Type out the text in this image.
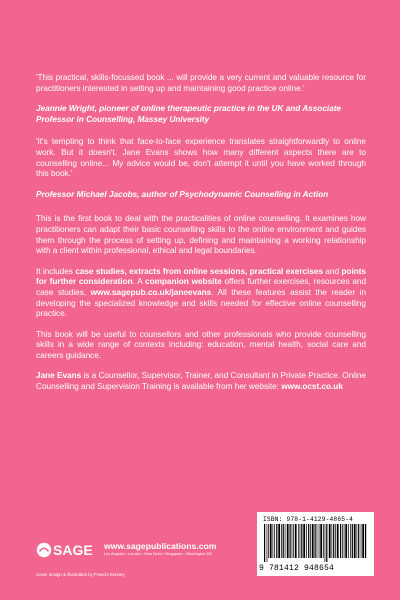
'This practical, skills-focussed book ... will provide a very current and valuable resource for practitioners interested in setting up and maintaining good practice online.'

Jeannie Wright, pioneer of online therapeutic practice in the UK and Associate Professor in Counselling, Massey University

'It's tempting to think that face-to-face experience translates straightforwardly to online work. But it doesn't. Jane Evans shows how many different aspects there are to counselling online... My advice would be, don't attempt it until you have worked through this book.'

Professor Michael Jacobs, author of Psychodynamic Counselling in Action

This is the first book to deal with the practicalities of online counselling. It examines how practitioners can adapt their basic counselling skills to the online environment and guides them through the process of setting up, defining and maintaining a working relationship with a client within professional, ethical and legal boundaries.

It includes case studies, extracts from online sessions, practical exercises and points for further consideration. A companion website offers further exercises, resources and case studies, www.sagepub.co.uk/janeevans. All these features assist the reader in developing the specialized knowledge and skills needed for effective online counselling practice.

This book will be useful to counsellors and other professionals who provide counselling skills in a wide range of contexts including: education, mental health, social care and careers guidance.

Jane Evans is a Counsellor, Supervisor, Trainer, and Consultant in Private Practice. Online Counselling and Supervision Training is available from her website: www.ocst.co.uk

ISBN: 978-1-4129-4865-4
9 781412 948654
SAGE www.sagepublications.com
Los Angeles • London • New Delhi • Singapore • Washington DC
Cover design & illustration by Francis Kenney
